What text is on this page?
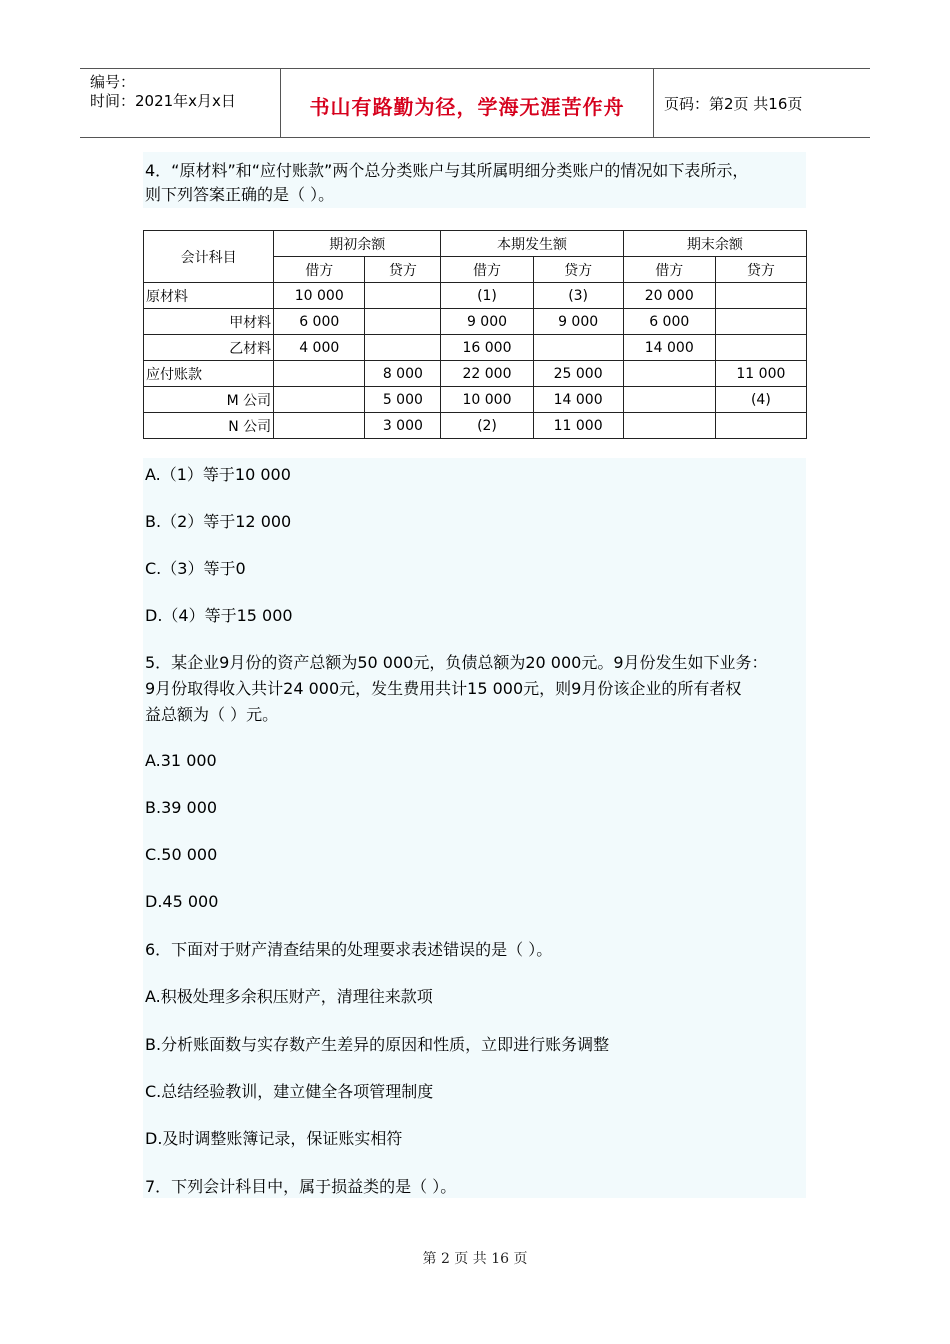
编号：
时间：2021年x月x日	书山有路勤为径，学海无涯苦作舟	页码：第2页 共16页
4．“原材料”和“应付账款”两个总分类账户与其所属明细分类账户的情况如下表所示，
则下列答案正确的是（ ）。
会计科目	期初余额		本期发生额		期末余额	
	借方	贷方	借方	贷方	借方	贷方
原材料	10 000		(1)	(3)	20 000	
甲材料	6 000		9 000	9 000	6 000	
乙材料	4 000		16 000		14 000	
应付账款		8 000	22 000	25 000		11 000
M 公司		5 000	10 000	14 000		(4)
N 公司		3 000	(2)	11 000		
A.（1）等于10 000
B.（2）等于12 000
C.（3）等于0
D.（4）等于15 000
5．某企业9月份的资产总额为50 000元，负债总额为20 000元。9月份发生如下业务：
9月份取得收入共计24 000元，发生费用共计15 000元，则9月份该企业的所有者权
益总额为（ ）元。
A.31 000
B.39 000
C.50 000
D.45 000
6．下面对于财产清查结果的处理要求表述错误的是（ ）。
A.积极处理多余积压财产，清理往来款项
B.分析账面数与实存数产生差异的原因和性质，立即进行账务调整
C.总结经验教训，建立健全各项管理制度
D.及时调整账簿记录，保证账实相符
7．下列会计科目中，属于损益类的是（ ）。
第 2 页 共 16 页
